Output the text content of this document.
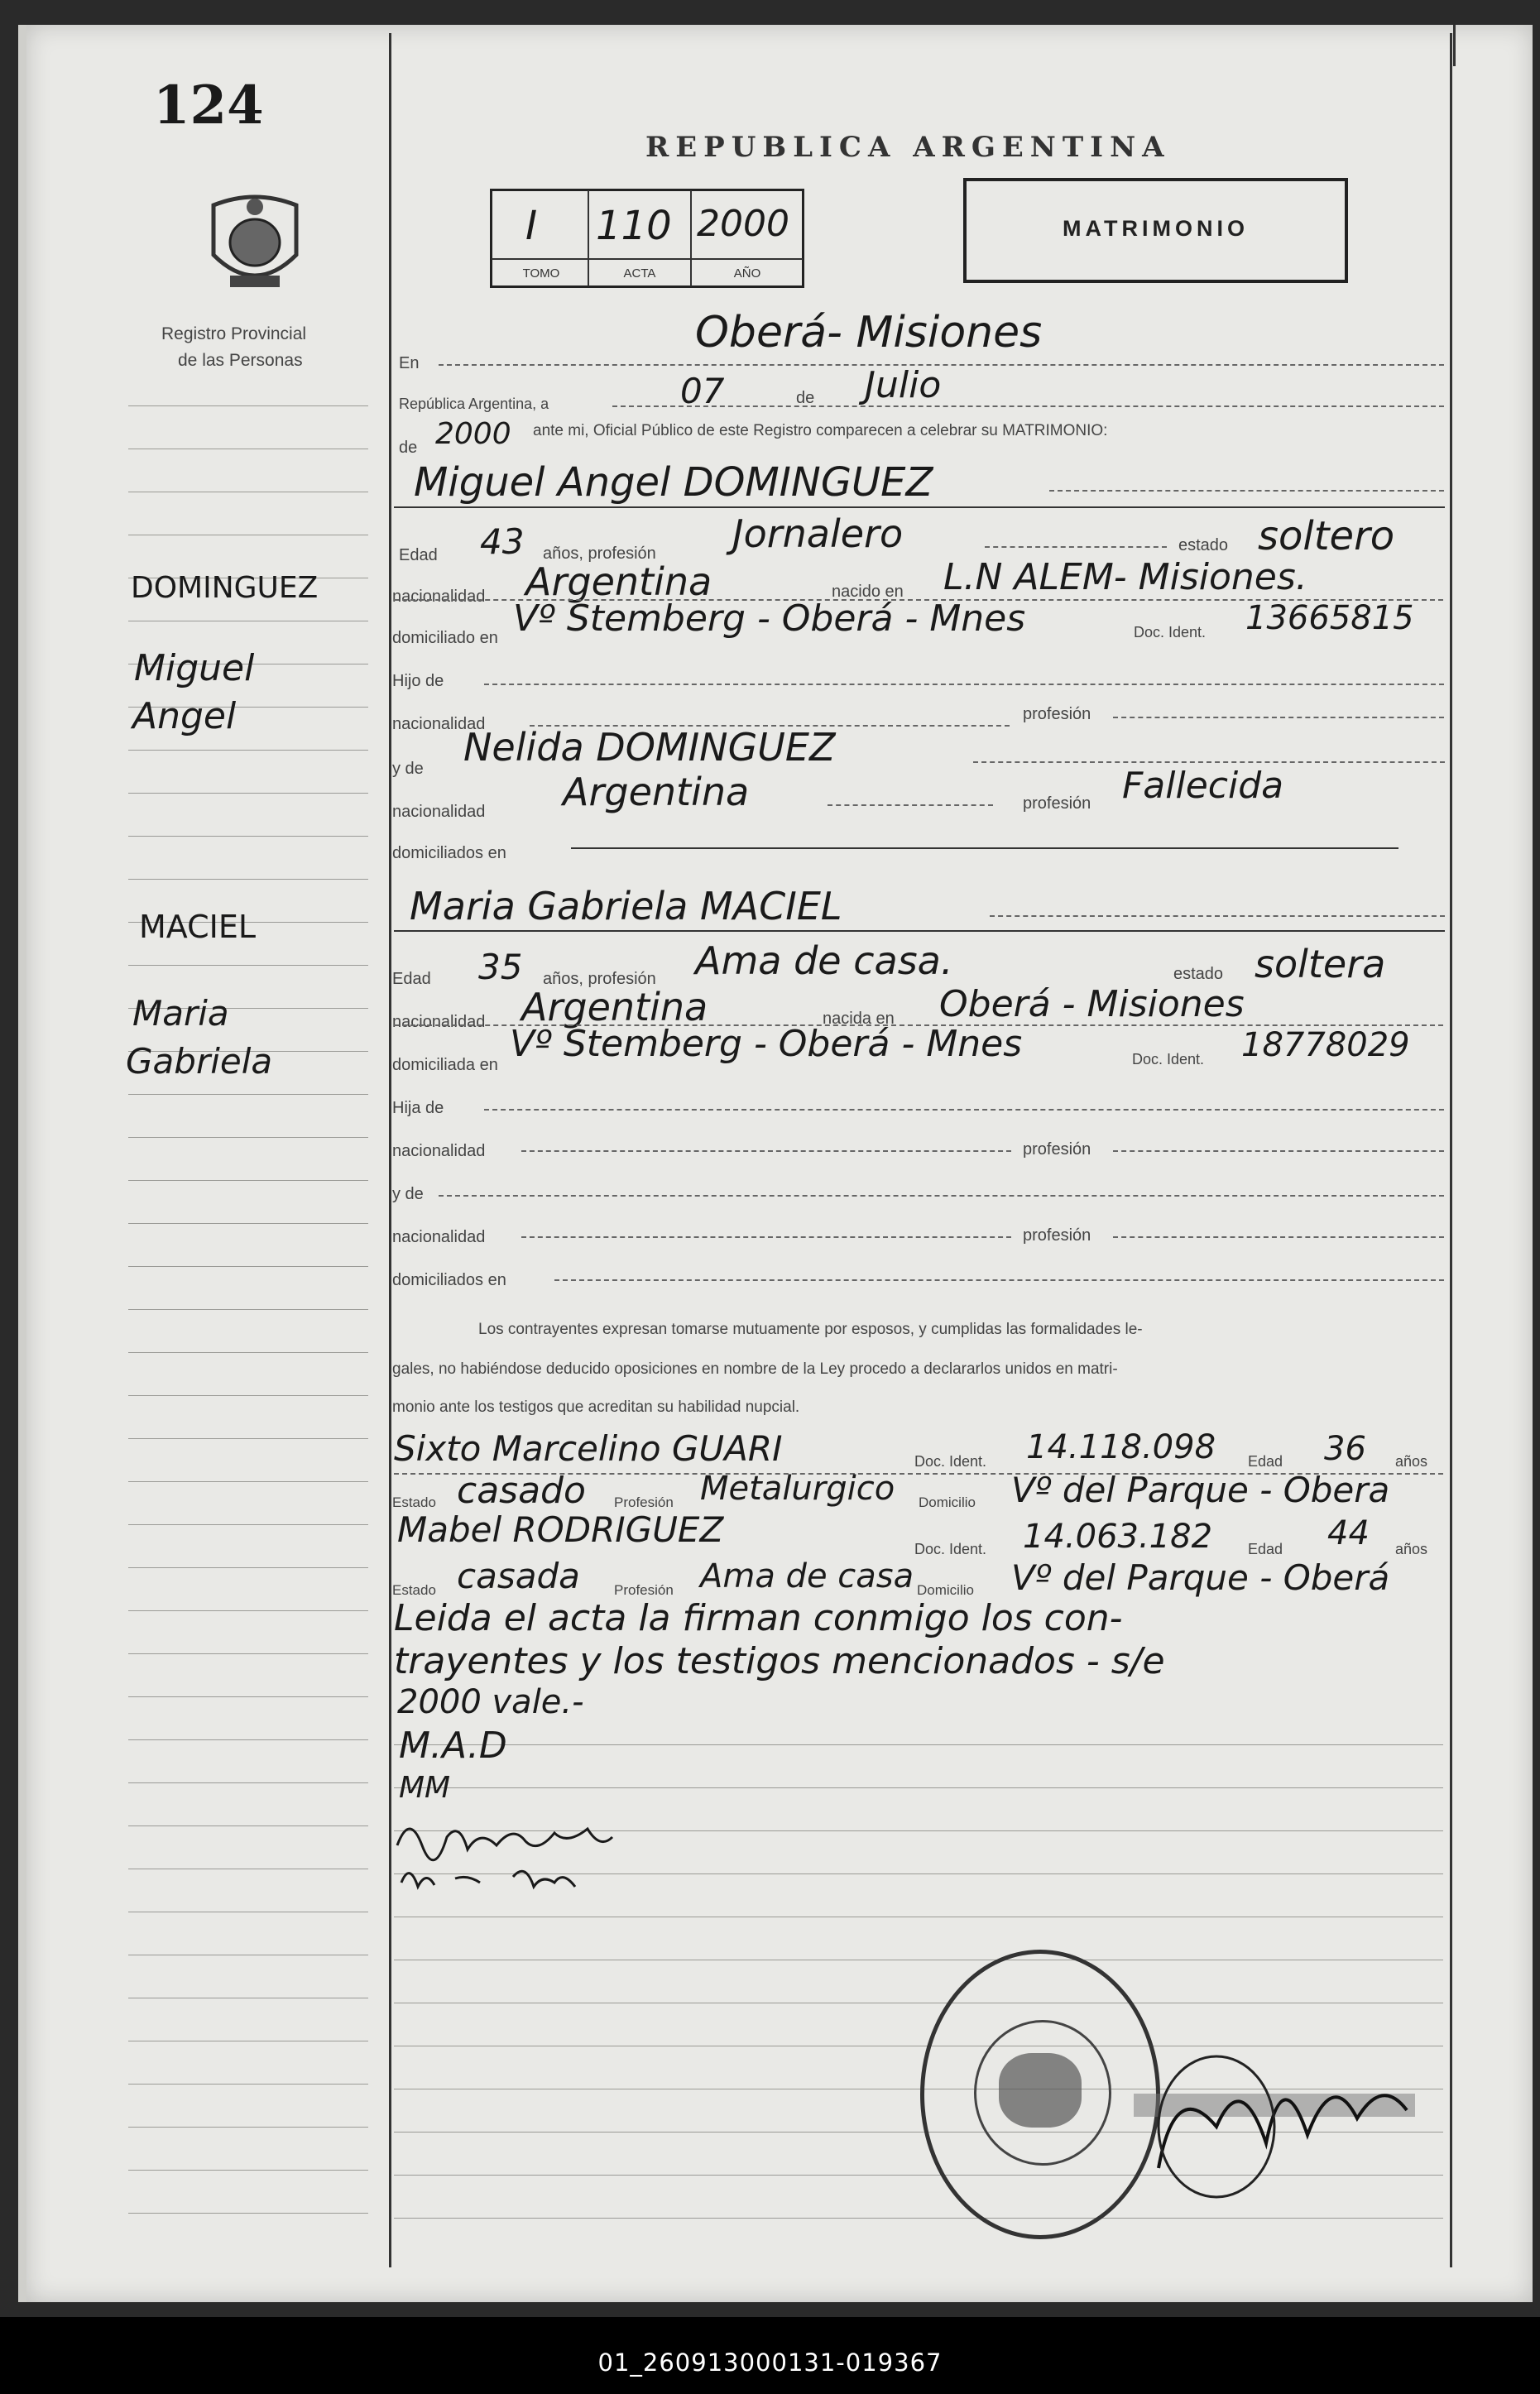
124
Registro Provincial
de las Personas
REPUBLICA ARGENTINA
I 110 2000
TOMO	ACTA	AÑO
MATRIMONIO
En
Oberá- Misiones
República Argentina, a	07	de Julio
de 2000 ante mi, Oficial Público de este Registro comparecen a celebrar su MATRIMONIO:
Miguel Angel DOMINGUEZ
Edad 43 años, profesión Jornalero	estado soltero
nacionalidad Argentina	nacido en L.N ALEM- Misiones.
domiciliado en Vº Stemberg - Oberá - Mnes	Doc. Ident. 13665815
Hijo de
nacionalidad
profesión
y de Nelida DOMINGUEZ
nacionalidad Argentina	profesión Fallecida
domiciliados en
Maria Gabriela MACIEL
Edad 35 años, profesión Ama de casa.	estado soltera
nacionalidad Argentina	nacida en Oberá - Misiones
domiciliada en Vº Stemberg - Oberá - Mnes	Doc. Ident. 18778029
Hija de
nacionalidad	profesión
y de
nacionalidad	profesión
domiciliados en
Los contrayentes expresan tomarse mutuamente por esposos, y cumplidas las formalidades le-
gales, no habiéndose deducido oposiciones en nombre de la Ley procedo a declararlos unidos en matri-
monio ante los testigos que acreditan su habilidad nupcial.
Sixto Marcelino GUARI	Doc. Ident. 14.118.098 Edad 36 años
Estado casado Profesión Metalurgico Domicilio Vº del Parque - Obera
Mabel RODRIGUEZ	Doc. Ident. 14.063.182 Edad 44 años
Estado casada Profesión Ama de casa Domicilio Vº del Parque - Oberá
Leida el acta la firman conmigo los con-
trayentes y los testigos mencionados - s/e
2000 vale.-
M.A.D
MM
DOMINGUEZ
Miguel
Angel
MACIEL
Maria
Gabriela
01_260913000131-019367
